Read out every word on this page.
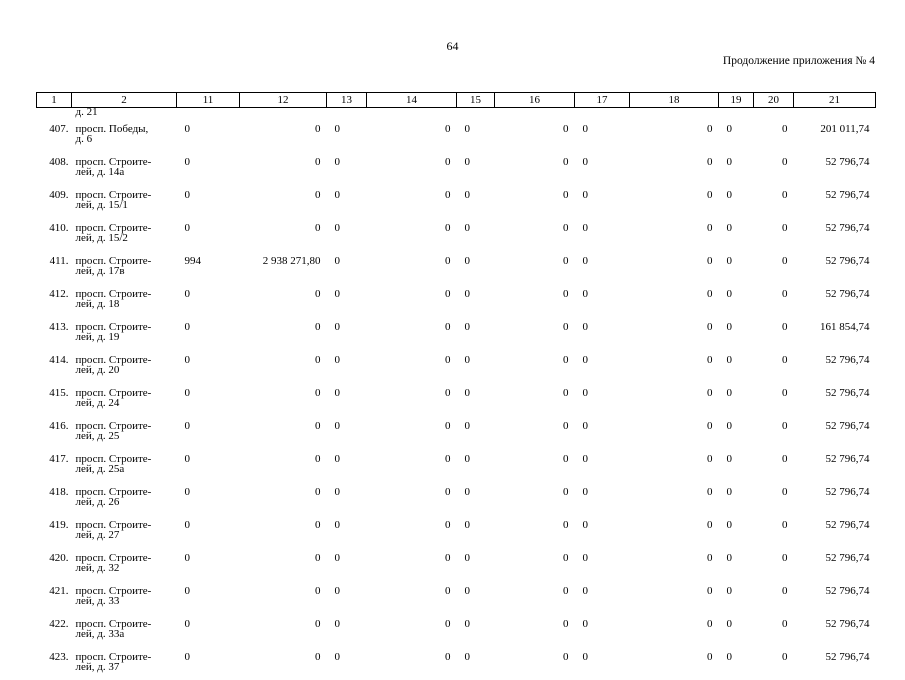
64
Продолжение приложения № 4
1	2	11	12	13	14	15	16	17	18	19	20	21
	д. 21											
407.	просп. Победы,
д. 6	0	0	0	0	0	0	0	0	0	0	201 011,74
408.	просп. Строите-
лей, д. 14а	0	0	0	0	0	0	0	0	0	0	52 796,74
409.	просп. Строите-
лей, д. 15/1	0	0	0	0	0	0	0	0	0	0	52 796,74
410.	просп. Строите-
лей, д. 15/2	0	0	0	0	0	0	0	0	0	0	52 796,74
411.	просп. Строите-
лей, д. 17в	994	2 938 271,80	0	0	0	0	0	0	0	0	52 796,74
412.	просп. Строите-
лей, д. 18	0	0	0	0	0	0	0	0	0	0	52 796,74
413.	просп. Строите-
лей, д. 19	0	0	0	0	0	0	0	0	0	0	161 854,74
414.	просп. Строите-
лей, д. 20	0	0	0	0	0	0	0	0	0	0	52 796,74
415.	просп. Строите-
лей, д. 24	0	0	0	0	0	0	0	0	0	0	52 796,74
416.	просп. Строите-
лей, д. 25	0	0	0	0	0	0	0	0	0	0	52 796,74
417.	просп. Строите-
лей, д. 25а	0	0	0	0	0	0	0	0	0	0	52 796,74
418.	просп. Строите-
лей, д. 26	0	0	0	0	0	0	0	0	0	0	52 796,74
419.	просп. Строите-
лей, д. 27	0	0	0	0	0	0	0	0	0	0	52 796,74
420.	просп. Строите-
лей, д. 32	0	0	0	0	0	0	0	0	0	0	52 796,74
421.	просп. Строите-
лей, д. 33	0	0	0	0	0	0	0	0	0	0	52 796,74
422.	просп. Строите-
лей, д. 33а	0	0	0	0	0	0	0	0	0	0	52 796,74
423.	просп. Строите-
лей, д. 37	0	0	0	0	0	0	0	0	0	0	52 796,74
